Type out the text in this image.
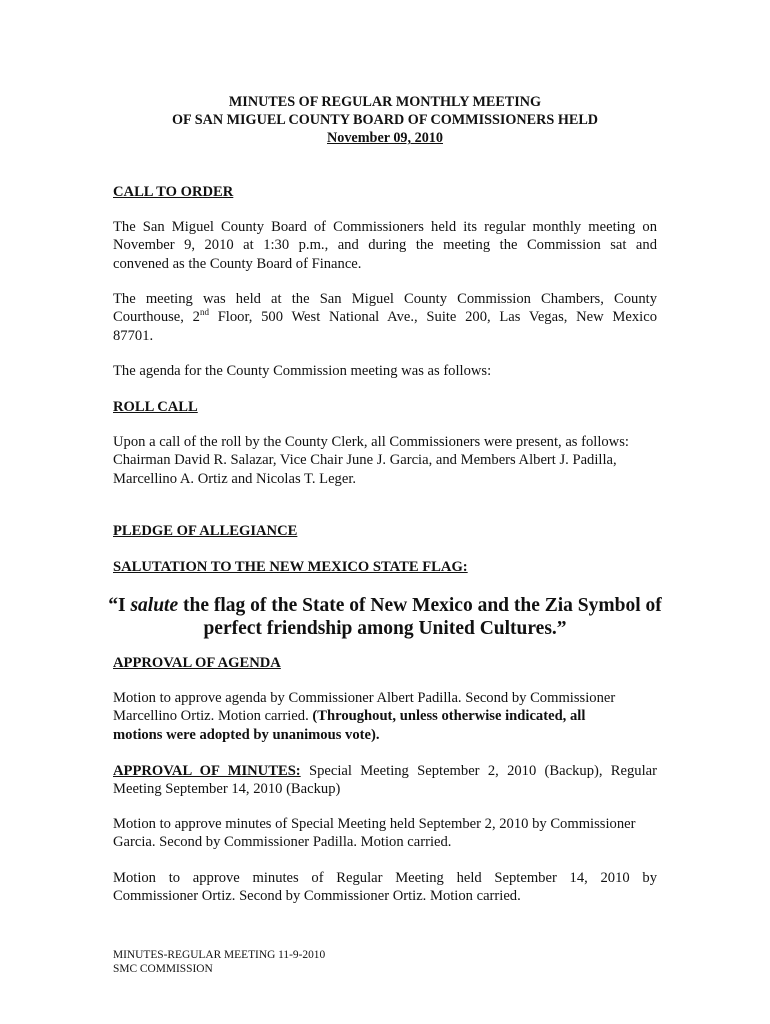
MINUTES OF REGULAR MONTHLY MEETING
OF SAN MIGUEL COUNTY BOARD OF COMMISSIONERS HELD
November 09, 2010
CALL TO ORDER
The San Miguel County Board of Commissioners held its regular monthly meeting on
November 9, 2010 at 1:30 p.m., and during the meeting the Commission sat and
convened as the County Board of Finance.
The meeting was held at the San Miguel County Commission Chambers, County
Courthouse, 2nd Floor, 500 West National Ave., Suite 200, Las Vegas, New Mexico
87701.
The agenda for the County Commission meeting was as follows:
ROLL CALL
Upon a call of the roll by the County Clerk, all Commissioners were present, as follows:
Chairman David R. Salazar, Vice Chair June J. Garcia, and Members Albert J. Padilla,
Marcellino A. Ortiz and Nicolas T. Leger.
PLEDGE OF ALLEGIANCE
SALUTATION TO THE NEW MEXICO STATE FLAG:
“I salute the flag of the State of New Mexico and the Zia Symbol of
perfect friendship among United Cultures.”
APPROVAL OF AGENDA
Motion to approve agenda by Commissioner Albert Padilla. Second by Commissioner
Marcellino Ortiz. Motion carried. (Throughout, unless otherwise indicated, all
motions were adopted by unanimous vote).
APPROVAL OF MINUTES: Special Meeting September 2, 2010 (Backup), Regular
Meeting September 14, 2010 (Backup)
Motion to approve minutes of Special Meeting held September 2, 2010 by Commissioner
Garcia. Second by Commissioner Padilla. Motion carried.
Motion to approve minutes of Regular Meeting held September 14, 2010 by
Commissioner Ortiz. Second by Commissioner Ortiz. Motion carried.
MINUTES-REGULAR MEETING 11-9-2010
SMC COMMISSION
